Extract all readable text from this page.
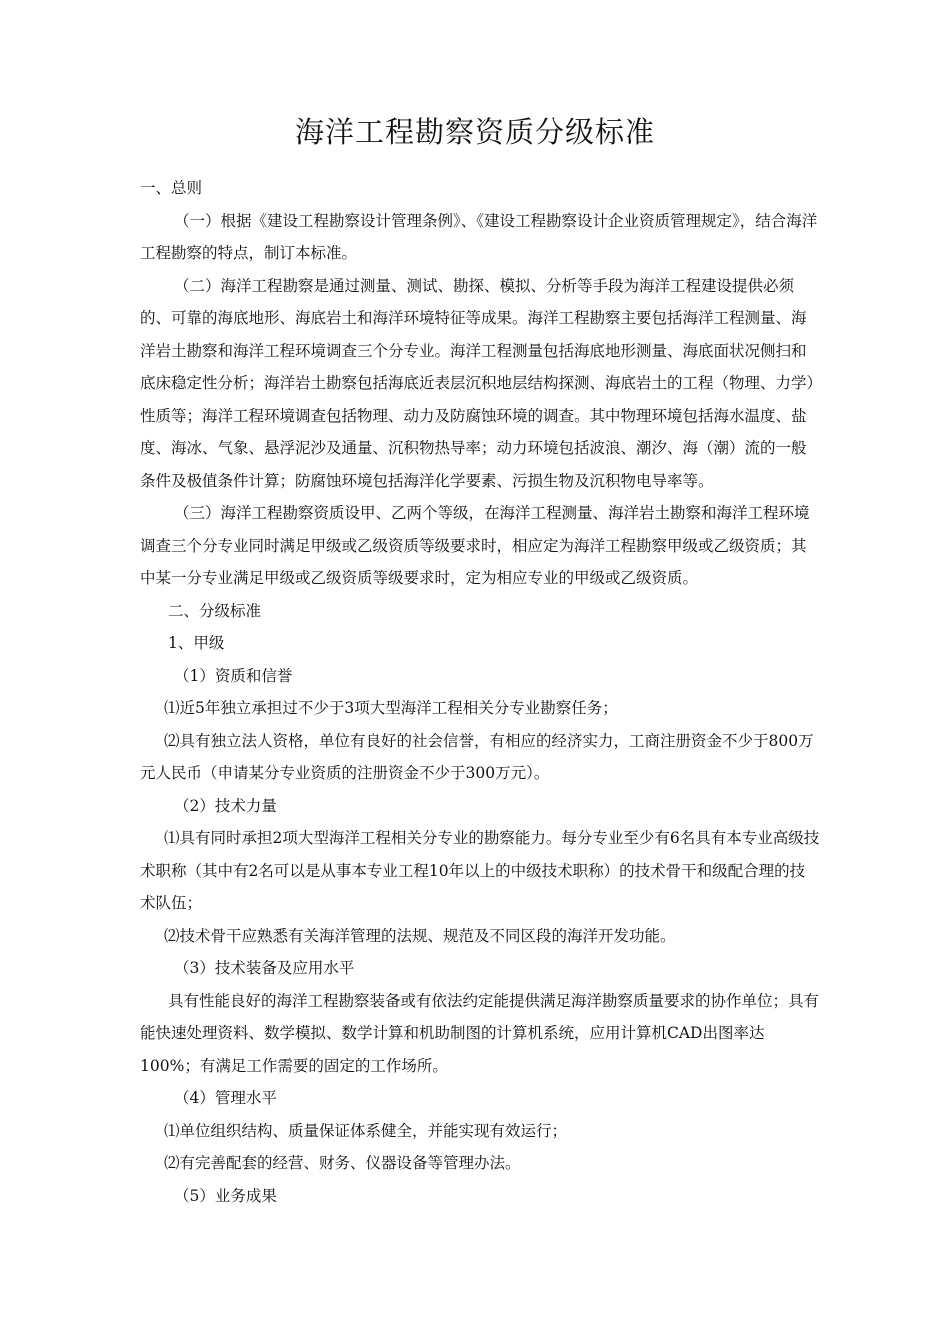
海洋工程勘察资质分级标准

一、总则

（一）根据《建设工程勘察设计管理条例》、《建设工程勘察设计企业资质管理规定》，结合海洋工程勘察的特点，制订本标准。

（二）海洋工程勘察是通过测量、测试、勘探、模拟、分析等手段为海洋工程建设提供必须的、可靠的海底地形、海底岩土和海洋环境特征等成果。海洋工程勘察主要包括海洋工程测量、海洋岩土勘察和海洋工程环境调查三个分专业。海洋工程测量包括海底地形测量、海底面状况侧扫和底床稳定性分析；海洋岩土勘察包括海底近表层沉积地层结构探测、海底岩土的工程（物理、力学）性质等；海洋工程环境调查包括物理、动力及防腐蚀环境的调查。其中物理环境包括海水温度、盐度、海冰、气象、悬浮泥沙及通量、沉积物热导率；动力环境包括波浪、潮汐、海（潮）流的一般条件及极值条件计算；防腐蚀环境包括海洋化学要素、污损生物及沉积物电导率等。

（三）海洋工程勘察资质设甲、乙两个等级，在海洋工程测量、海洋岩土勘察和海洋工程环境调查三个分专业同时满足甲级或乙级资质等级要求时，相应定为海洋工程勘察甲级或乙级资质；其中某一分专业满足甲级或乙级资质等级要求时，定为相应专业的甲级或乙级资质。

二、分级标准

1、甲级

（1）资质和信誉

⑴近5年独立承担过不少于3项大型海洋工程相关分专业勘察任务；

⑵具有独立法人资格，单位有良好的社会信誉，有相应的经济实力，工商注册资金不少于800万元人民币（申请某分专业资质的注册资金不少于300万元）。

（2）技术力量

⑴具有同时承担2项大型海洋工程相关分专业的勘察能力。每分专业至少有6名具有本专业高级技术职称（其中有2名可以是从事本专业工程10年以上的中级技术职称）的技术骨干和级配合理的技术队伍；

⑵技术骨干应熟悉有关海洋管理的法规、规范及不同区段的海洋开发功能。

（3）技术装备及应用水平

具有性能良好的海洋工程勘察装备或有依法约定能提供满足海洋勘察质量要求的协作单位；具有能快速处理资料、数学模拟、数学计算和机助制图的计算机系统，应用计算机CAD出图率达100%；有满足工作需要的固定的工作场所。

（4）管理水平

⑴单位组织结构、质量保证体系健全，并能实现有效运行；

⑵有完善配套的经营、财务、仪器设备等管理办法。

（5）业务成果
